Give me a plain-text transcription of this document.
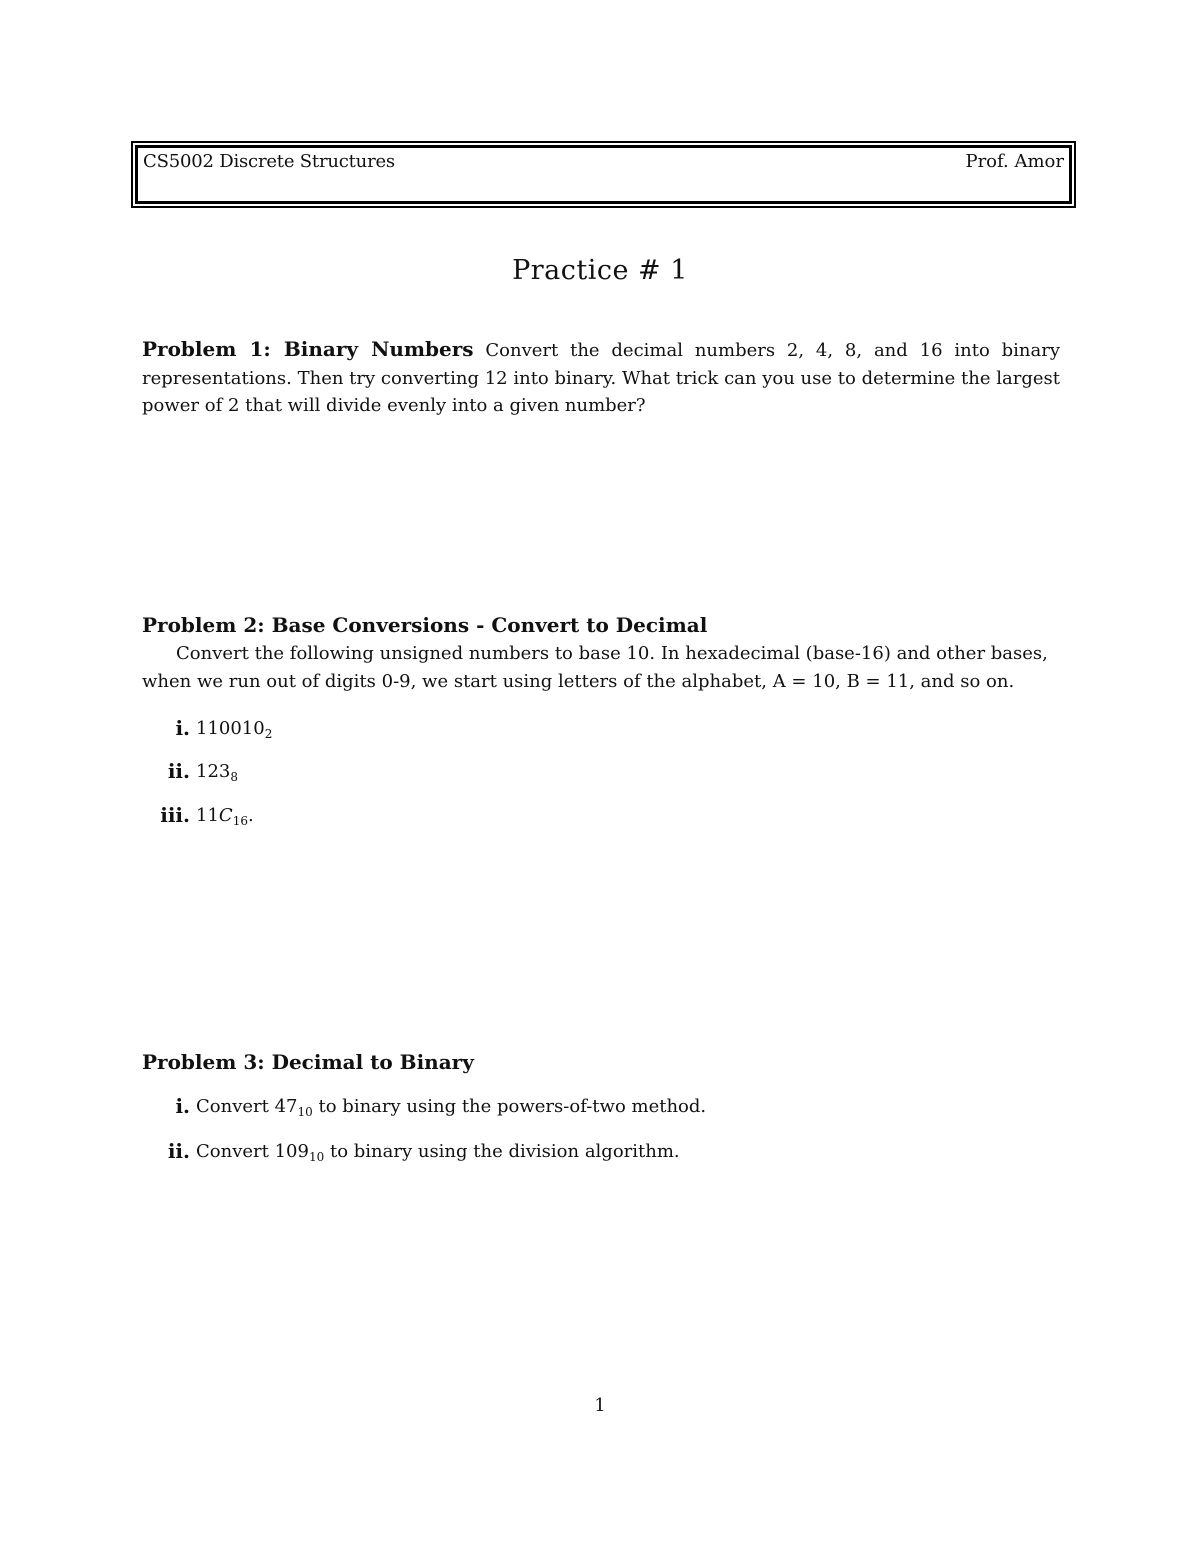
CS5002 Discrete Structures	Prof. Amor
Practice # 1
Problem 1: Binary Numbers Convert the decimal numbers 2, 4, 8, and 16 into binary representations. Then try converting 12 into binary. What trick can you use to determine the largest power of 2 that will divide evenly into a given number?
Problem 2: Base Conversions - Convert to Decimal
Convert the following unsigned numbers to base 10. In hexadecimal (base-16) and other bases, when we run out of digits 0-9, we start using letters of the alphabet, A = 10, B = 11, and so on.
i. $110010_2$
ii. $123_8$
iii. $11C_{16}$.
Problem 3: Decimal to Binary
i. Convert $47_{10}$ to binary using the powers-of-two method.
ii. Convert $109_{10}$ to binary using the division algorithm.
1
